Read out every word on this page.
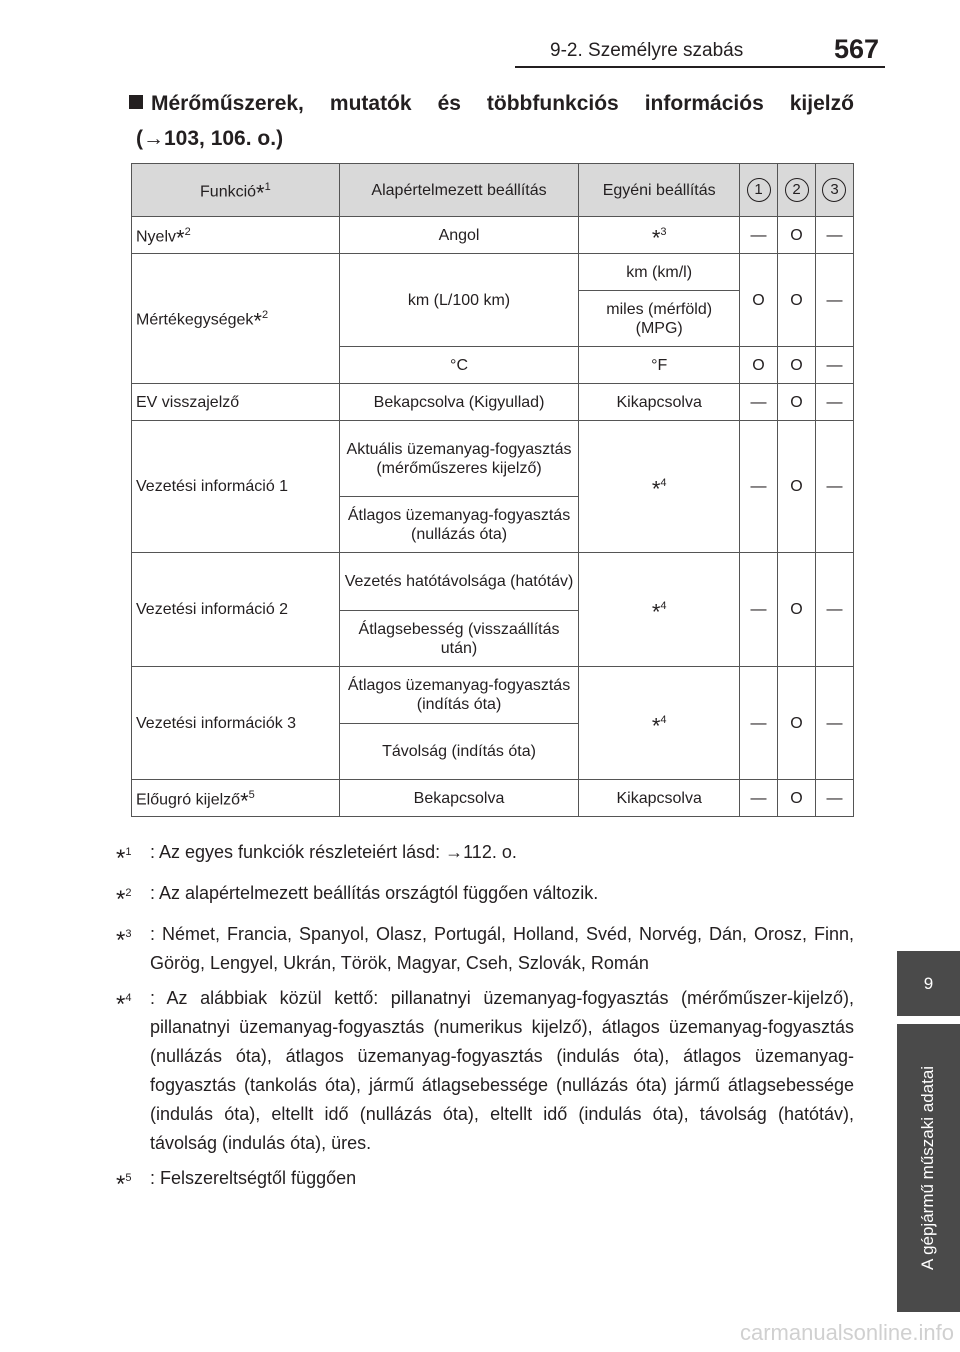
9-2. Személyre szabás	567
9
A gépjármű műszaki adatai
Mérőműszerek, mutatók és többfunkciós információs kijelző
(→103, 106. o.)
Funkció*$^1$	Alapértelmezett beállítás	Egyéni beállítás	1	2	3
Nyelv*$^2$	Angol	*$^3$	—	O	—
Mértékegységek*$^2$	km (L/100 km)	km (km/l)	O	O	—
		miles (mérföld) (MPG)			
	°C	°F	O	O	—
EV visszajelző	Bekapcsolva (Kigyullad)	Kikapcsolva	—	O	—
Vezetési információ 1	Aktuális üzemanyag-fogyasztás (mérőműszeres kijelző)	*$^4$	—	O	—
	Átlagos üzemanyag-fogyasztás (nullázás óta)				
Vezetési információ 2	Vezetés hatótávolsága (hatótáv)	*$^4$	—	O	—
	Átlagsebesség (visszaállítás után)				
Vezetési információk 3	Átlagos üzemanyag-fogyasztás (indítás óta)	*$^4$	—	O	—
	Távolság (indítás óta)				
Előugró kijelző*$^5$	Bekapcsolva	Kikapcsolva	—	O	—
*$^1$	: Az egyes funkciók részleteiért lásd: →112. o.
*$^2$	: Az alapértelmezett beállítás országtól függően változik.
*$^3$	: Német, Francia, Spanyol, Olasz, Portugál, Holland, Svéd, Norvég, Dán, Orosz, Finn, Görög, Lengyel, Ukrán, Török, Magyar, Cseh, Szlovák, Román
*$^4$	: Az alábbiak közül kettő: pillanatnyi üzemanyag-fogyasztás (mérőműszer-kijelző), pillanatnyi üzemanyag-fogyasztás (numerikus kijelző), átlagos üzemanyag-fogyasztás (nullázás óta), átlagos üzemanyag-fogyasztás (indulás óta), átlagos üzemanyag-fogyasztás (tankolás óta), jármű átlagsebessége (nullázás óta) jármű átlagsebessége (indulás óta), eltellt idő (nullázás óta), eltellt idő (indulás óta), távolság (hatótáv), távolság (indulás óta), üres.
*$^5$	: Felszereltségtől függően
carmanualsonline.info
